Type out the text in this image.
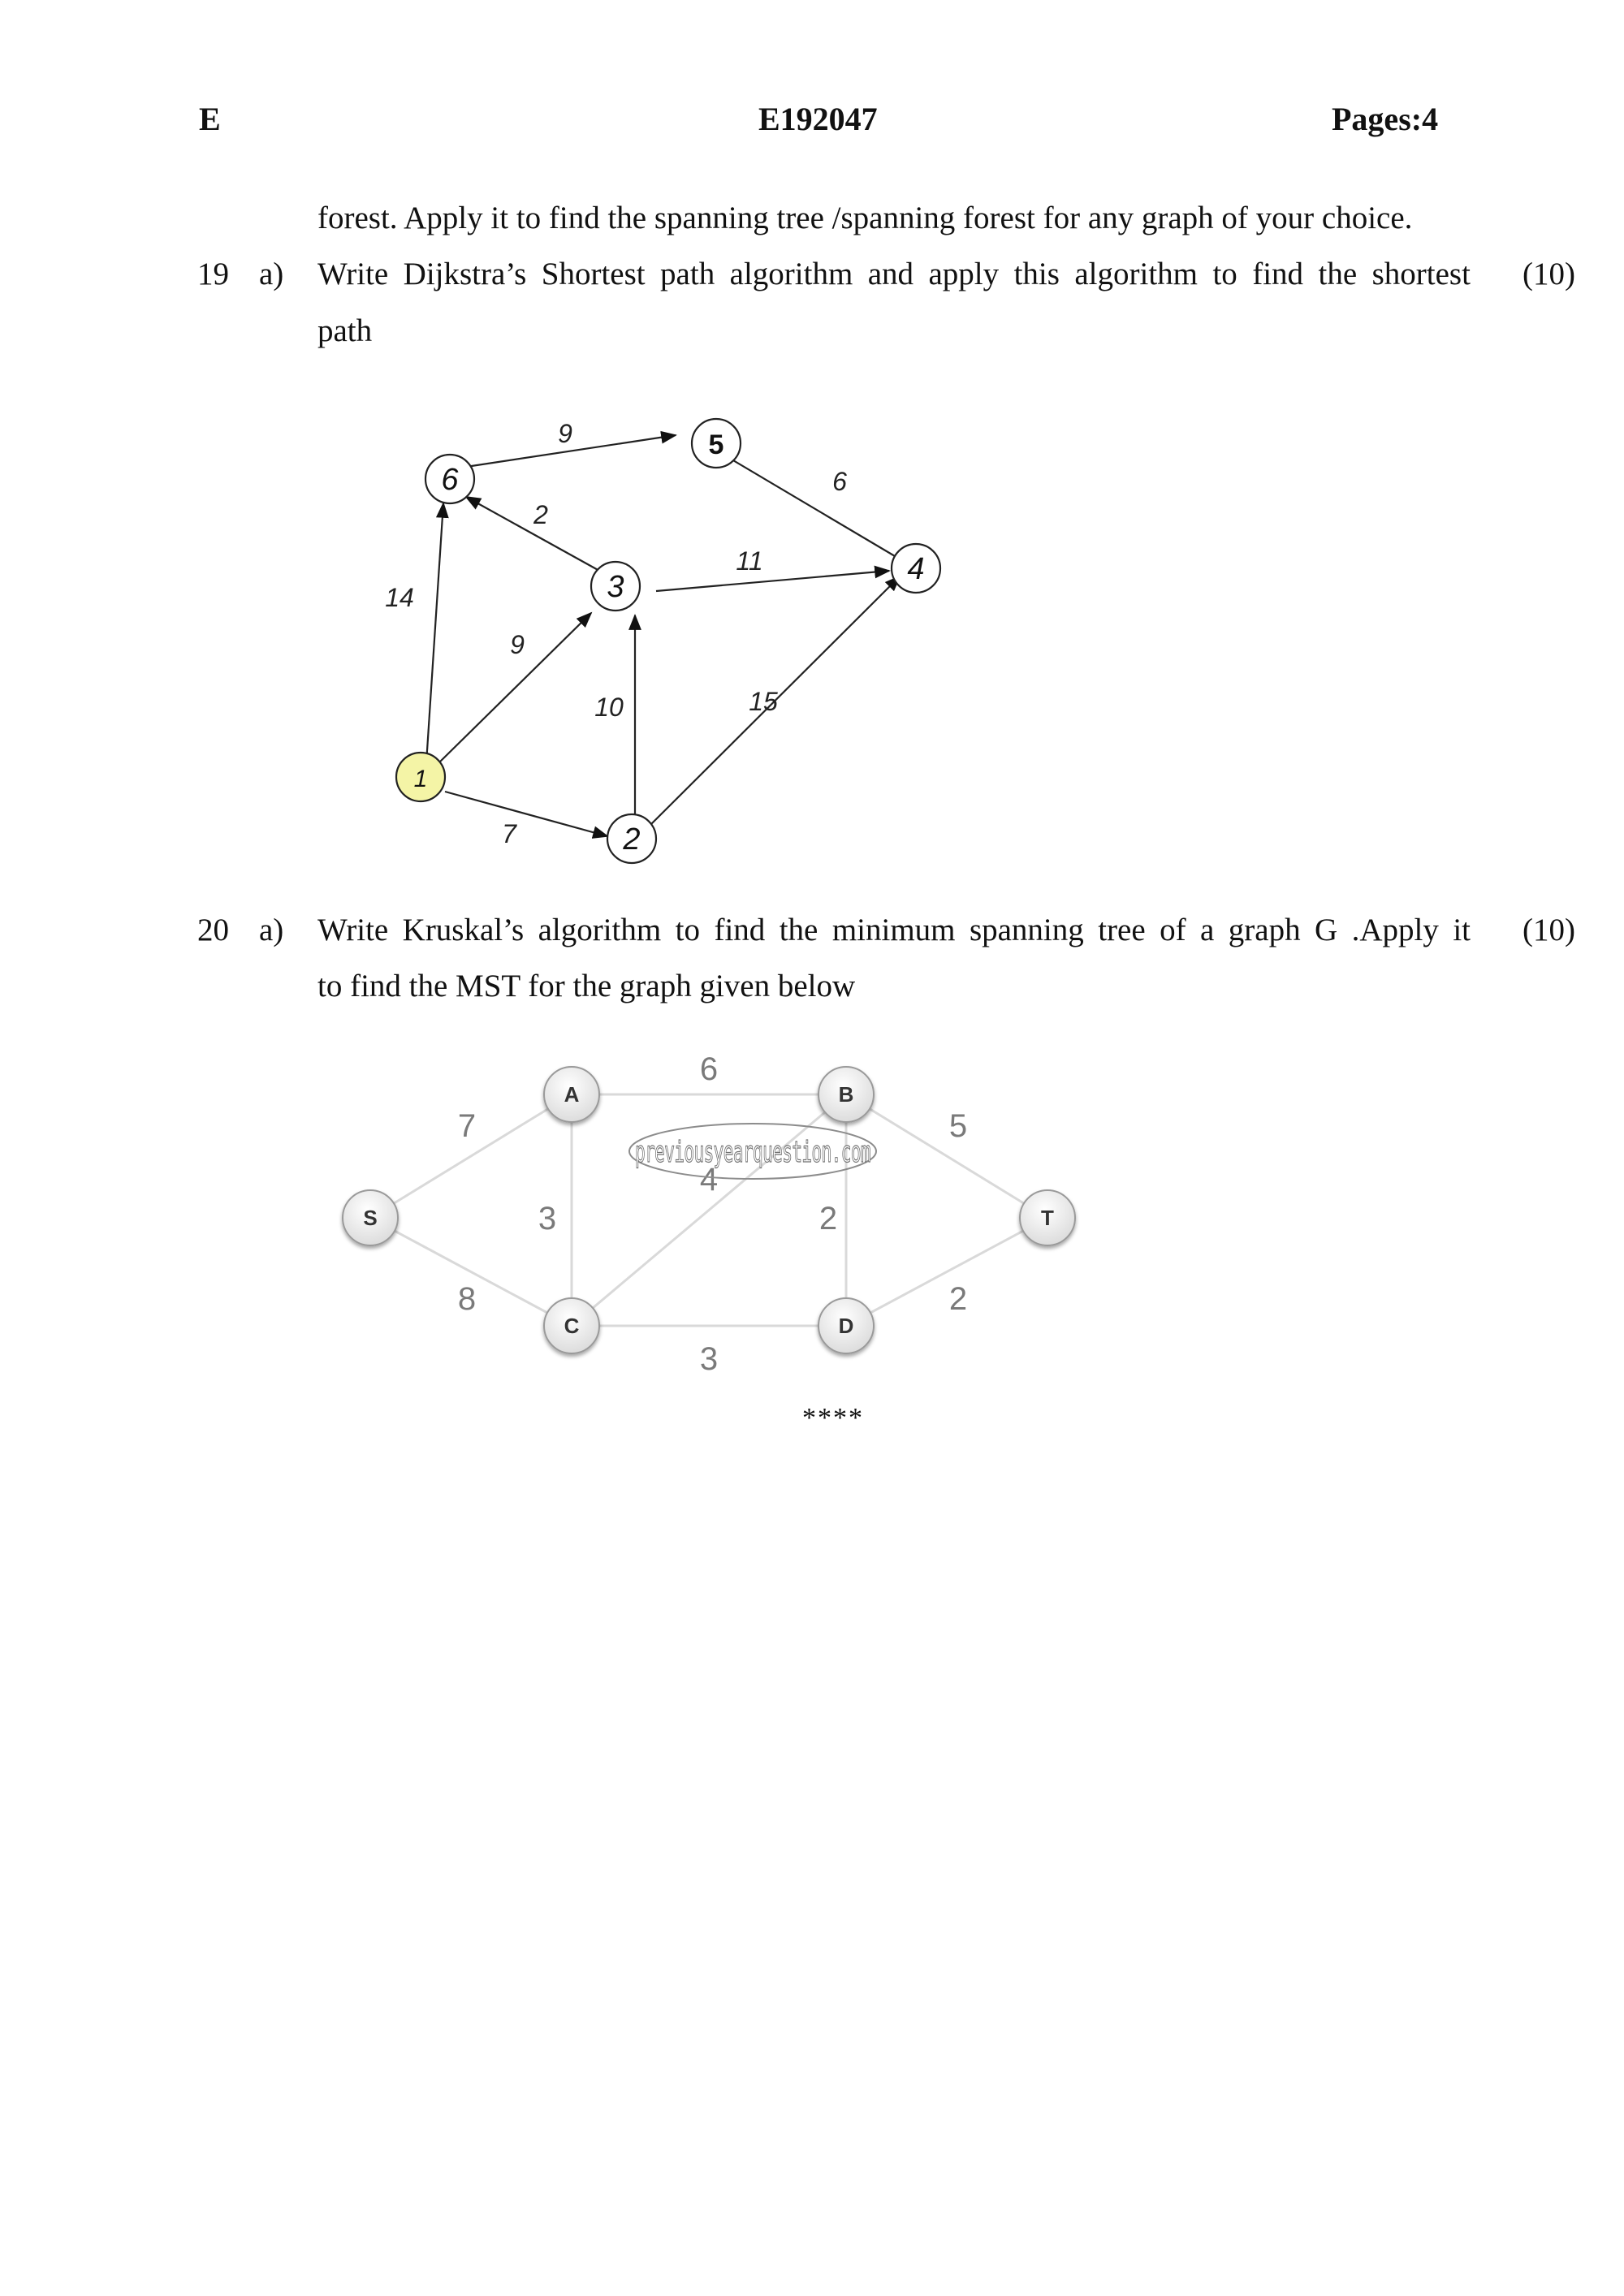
E	E192047	Pages:4
forest. Apply it to find the spanning tree /spanning forest for any graph of your choice.
19 a) Write Dijkstra’s Shortest path algorithm and apply this algorithm to find the shortest (10)
path
14
9
7
10	15
2
11
9
6
6
5
3
4
1
2
20 a) Write Kruskal’s algorithm to find the minimum spanning tree of a graph G .Apply it (10)
to find the MST for the graph given below
7
8
3
6
4
3
2
5
2
previousyearquestion.com
S
A	B
C	D
T
****
